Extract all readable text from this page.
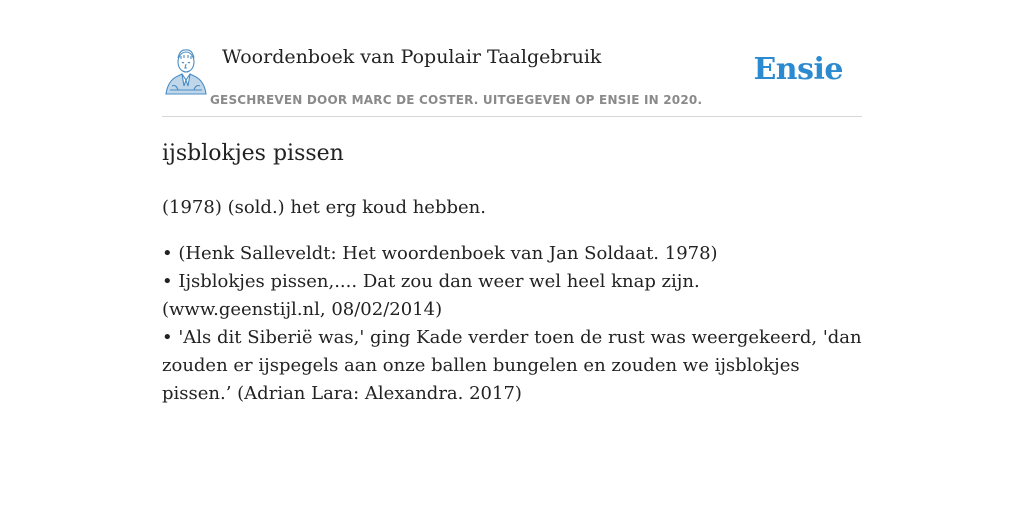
Woordenboek van Populair Taalgebruik
GESCHREVEN DOOR MARC DE COSTER. UITGEGEVEN OP ENSIE IN 2020.
Ensie
ijsblokjes pissen

(1978) (sold.) het erg koud hebben.

• (Henk Salleveldt: Het woordenboek van Jan Soldaat. 1978)
• Ijsblokjes pissen,.... Dat zou dan weer wel heel knap zijn. (www.geenstijl.nl, 08/02/2014)
• 'Als dit Siberië was,' ging Kade verder toen de rust was weergekeerd, 'dan zouden er ijspegels aan onze ballen bungelen en zouden we ijsblokjes pissen.’ (Adrian Lara: Alexandra. 2017)
